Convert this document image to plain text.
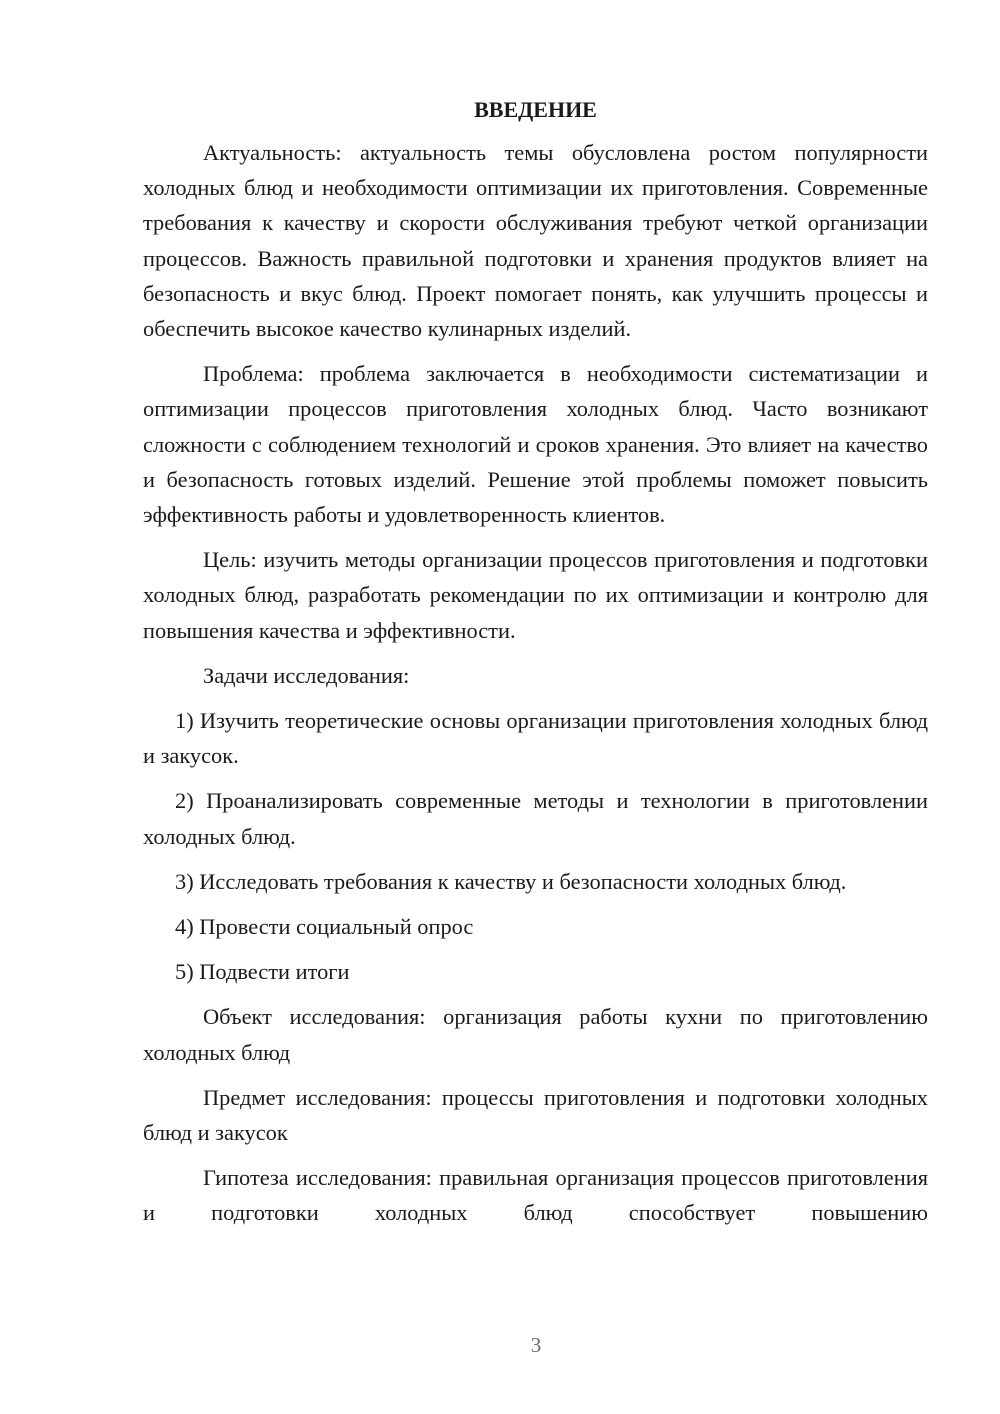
ВВЕДЕНИЕ

Актуальность: актуальность темы обусловлена ростом популярности холодных блюд и необходимости оптимизации их приготовления. Современные требования к качеству и скорости обслуживания требуют четкой организации процессов. Важность правильной подготовки и хранения продуктов влияет на безопасность и вкус блюд. Проект помогает понять, как улучшить процессы и обеспечить высокое качество кулинарных изделий.

Проблема: проблема заключается в необходимости систематизации и оптимизации процессов приготовления холодных блюд. Часто возникают сложности с соблюдением технологий и сроков хранения. Это влияет на качество и безопасность готовых изделий. Решение этой проблемы поможет повысить эффективность работы и удовлетворенность клиентов.

Цель: изучить методы организации процессов приготовления и подготовки холодных блюд, разработать рекомендации по их оптимизации и контролю для повышения качества и эффективности.

Задачи исследования:

1) Изучить теоретические основы организации приготовления холодных блюд и закусок.

2) Проанализировать современные методы и технологии в приготовлении холодных блюд.

3) Исследовать требования к качеству и безопасности холодных блюд.

4) Провести социальный опрос

5) Подвести итоги

Объект исследования: организация работы кухни по приготовлению холодных блюд

Предмет исследования: процессы приготовления и подготовки холодных блюд и закусок

Гипотеза исследования: правильная организация процессов приготовления и подготовки холодных блюд способствует повышению

3
